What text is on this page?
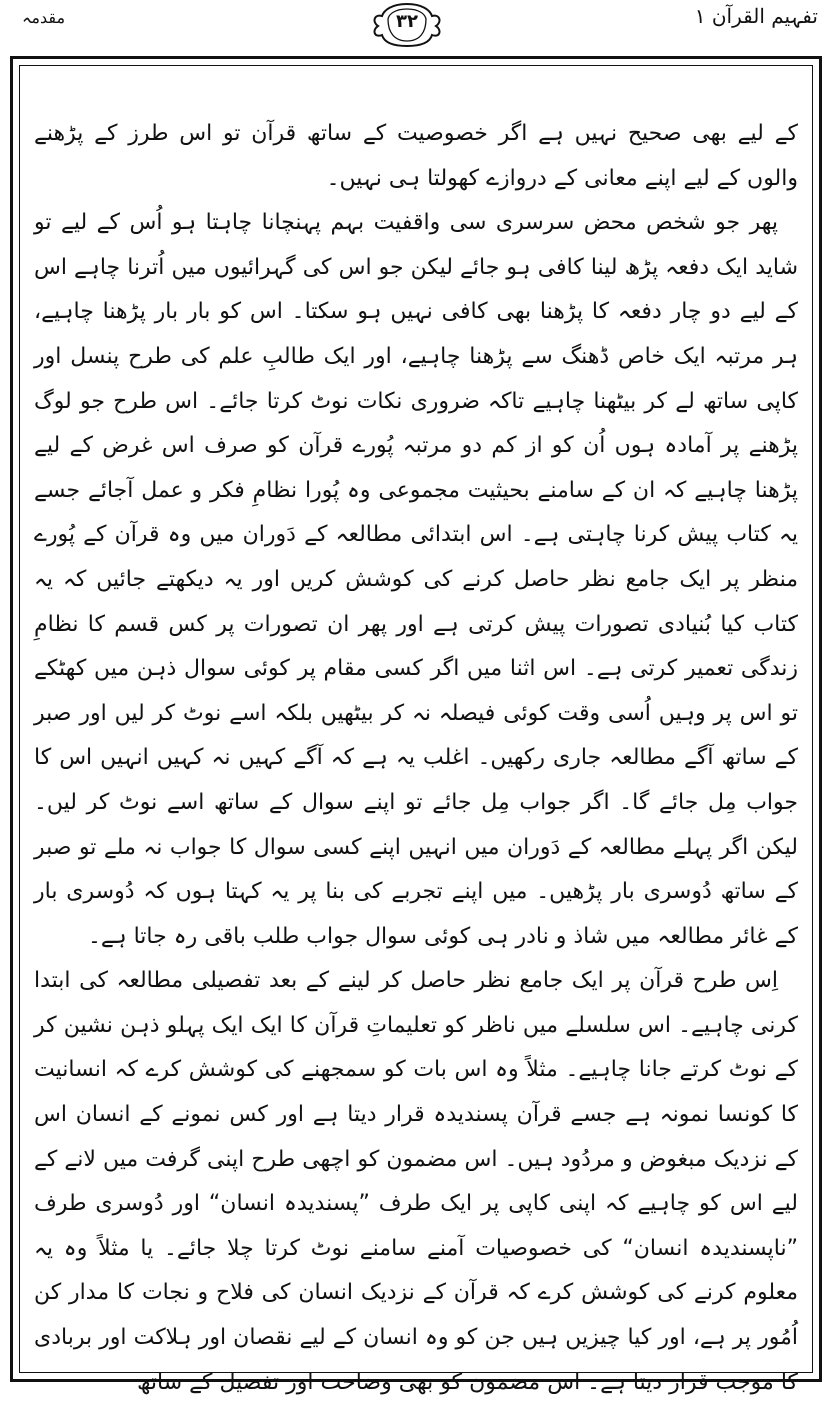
تفہیم القرآن ۱
۳۲
مقدمہ

کے لیے بھی صحیح نہیں ہے اگر خصوصیت کے ساتھ قرآن تو اس طرز کے پڑھنے والوں کے لیے اپنے معانی کے دروازے کھولتا ہی نہیں۔

پھر جو شخص محض سرسری سی واقفیت بہم پہنچانا چاہتا ہو اُس کے لیے تو شاید ایک دفعہ پڑھ لینا کافی ہو جائے لیکن جو اس کی گہرائیوں میں اُترنا چاہے اس کے لیے دو چار دفعہ کا پڑھنا بھی کافی نہیں ہو سکتا۔ اس کو بار بار پڑھنا چاہیے، ہر مرتبہ ایک خاص ڈھنگ سے پڑھنا چاہیے، اور ایک طالبِ علم کی طرح پنسل اور کاپی ساتھ لے کر بیٹھنا چاہیے تاکہ ضروری نکات نوٹ کرتا جائے۔ اس طرح جو لوگ پڑھنے پر آمادہ ہوں اُن کو از کم دو مرتبہ پُورے قرآن کو صرف اس غرض کے لیے پڑھنا چاہیے کہ ان کے سامنے بحیثیت مجموعی وہ پُورا نظامِ فکر و عمل آجائے جسے یہ کتاب پیش کرنا چاہتی ہے۔ اس ابتدائی مطالعہ کے دَوران میں وہ قرآن کے پُورے منظر پر ایک جامع نظر حاصل کرنے کی کوشش کریں اور یہ دیکھتے جائیں کہ یہ کتاب کیا بُنیادی تصورات پیش کرتی ہے اور پھر ان تصورات پر کس قسم کا نظامِ زندگی تعمیر کرتی ہے۔ اس اثنا میں اگر کسی مقام پر کوئی سوال ذہن میں کھٹکے تو اس پر وہیں اُسی وقت کوئی فیصلہ نہ کر بیٹھیں بلکہ اسے نوٹ کر لیں اور صبر کے ساتھ آگے مطالعہ جاری رکھیں۔ اغلب یہ ہے کہ آگے کہیں نہ کہیں انہیں اس کا جواب مِل جائے گا۔ اگر جواب مِل جائے تو اپنے سوال کے ساتھ اسے نوٹ کر لیں۔ لیکن اگر پہلے مطالعہ کے دَوران میں انہیں اپنے کسی سوال کا جواب نہ ملے تو صبر کے ساتھ دُوسری بار پڑھیں۔ میں اپنے تجربے کی بنا پر یہ کہتا ہوں کہ دُوسری بار کے غائر مطالعہ میں شاذ و نادر ہی کوئی سوال جواب طلب باقی رہ جاتا ہے۔

اِس طرح قرآن پر ایک جامع نظر حاصل کر لینے کے بعد تفصیلی مطالعہ کی ابتدا کرنی چاہیے۔ اس سلسلے میں ناظر کو تعلیماتِ قرآن کا ایک ایک پہلو ذہن نشین کر کے نوٹ کرتے جانا چاہیے۔ مثلاً وہ اس بات کو سمجھنے کی کوشش کرے کہ انسانیت کا کونسا نمونہ ہے جسے قرآن پسندیدہ قرار دیتا ہے اور کس نمونے کے انسان اس کے نزدیک مبغوض و مردُود ہیں۔ اس مضمون کو اچھی طرح اپنی گرفت میں لانے کے لیے اس کو چاہیے کہ اپنی کاپی پر ایک طرف ”پسندیدہ انسان“ اور دُوسری طرف ”ناپسندیدہ انسان“ کی خصوصیات آمنے سامنے نوٹ کرتا چلا جائے۔ یا مثلاً وہ یہ معلوم کرنے کی کوشش کرے کہ قرآن کے نزدیک انسان کی فلاح و نجات کا مدار کن اُمُور پر ہے، اور کیا چیزیں ہیں جن کو وہ انسان کے لیے نقصان اور ہلاکت اور بربادی کا موجب قرار دیتا ہے۔ اس مضمون کو بھی وضاحت اور تفصیل کے ساتھ
